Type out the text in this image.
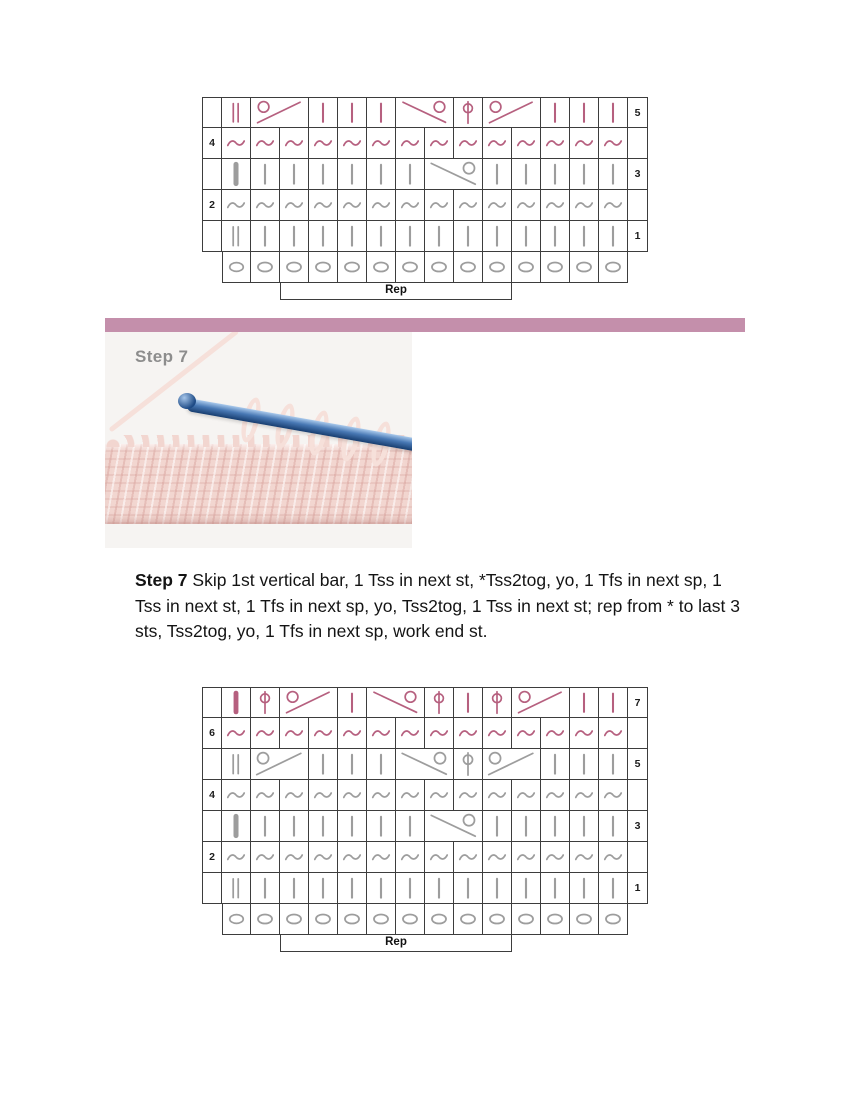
5
4
3
2
1
Rep
Step 7

Step 7 Skip 1st vertical bar, 1 Tss in next st, *Tss2tog, yo, 1 Tfs in next sp, 1 Tss in next st, 1 Tfs in next sp, yo, Tss2tog, 1 Tss in next st; rep from * to last 3 sts, Tss2tog, yo, 1 Tfs in next sp, work end st.

7
6
5
4
3
2
1
Rep
